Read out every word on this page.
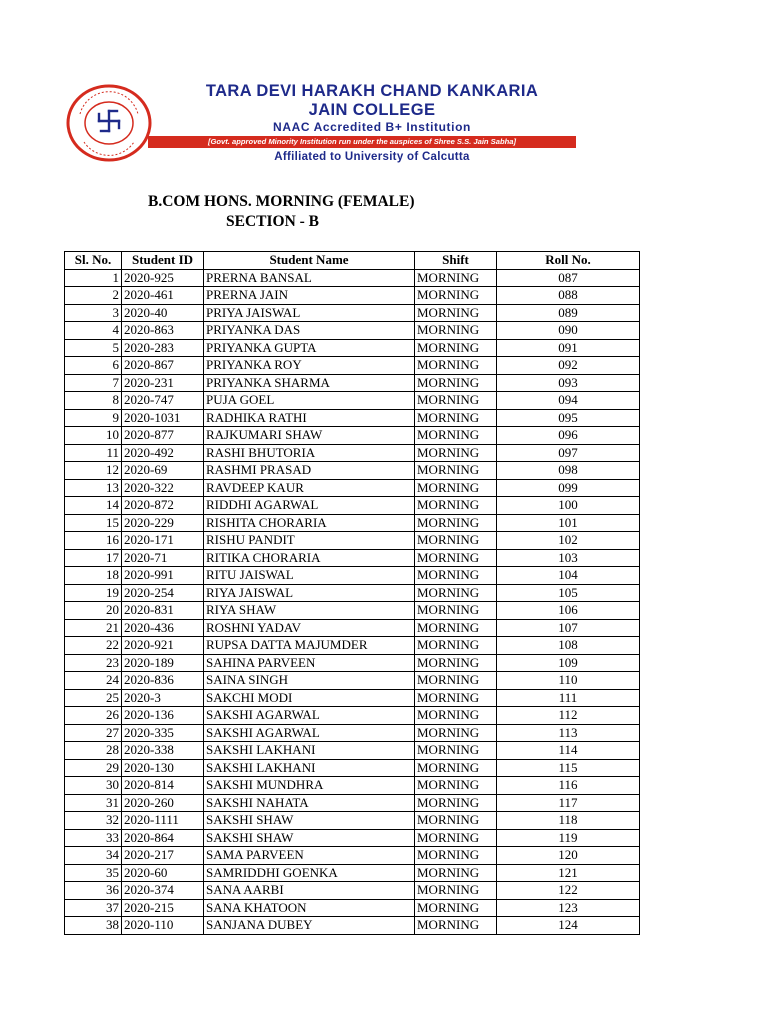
TARA DEVI HARAKH CHAND KANKARIA
JAIN COLLEGE
NAAC Accredited B+ Institution
[Govt. approved Minority Institution run under the auspices of Shree S.S. Jain Sabha]
Affiliated to University of Calcutta
B.COM HONS. MORNING (FEMALE)
SECTION - B
Sl. No.	Student ID	Student Name	Shift	Roll No.
1	2020-925	PRERNA BANSAL	MORNING	087
2	2020-461	PRERNA JAIN	MORNING	088
3	2020-40	PRIYA JAISWAL	MORNING	089
4	2020-863	PRIYANKA DAS	MORNING	090
5	2020-283	PRIYANKA GUPTA	MORNING	091
6	2020-867	PRIYANKA ROY	MORNING	092
7	2020-231	PRIYANKA SHARMA	MORNING	093
8	2020-747	PUJA GOEL	MORNING	094
9	2020-1031	RADHIKA RATHI	MORNING	095
10	2020-877	RAJKUMARI SHAW	MORNING	096
11	2020-492	RASHI BHUTORIA	MORNING	097
12	2020-69	RASHMI PRASAD	MORNING	098
13	2020-322	RAVDEEP KAUR	MORNING	099
14	2020-872	RIDDHI AGARWAL	MORNING	100
15	2020-229	RISHITA CHORARIA	MORNING	101
16	2020-171	RISHU PANDIT	MORNING	102
17	2020-71	RITIKA CHORARIA	MORNING	103
18	2020-991	RITU JAISWAL	MORNING	104
19	2020-254	RIYA JAISWAL	MORNING	105
20	2020-831	RIYA SHAW	MORNING	106
21	2020-436	ROSHNI YADAV	MORNING	107
22	2020-921	RUPSA DATTA MAJUMDER	MORNING	108
23	2020-189	SAHINA PARVEEN	MORNING	109
24	2020-836	SAINA SINGH	MORNING	110
25	2020-3	SAKCHI MODI	MORNING	111
26	2020-136	SAKSHI AGARWAL	MORNING	112
27	2020-335	SAKSHI AGARWAL	MORNING	113
28	2020-338	SAKSHI LAKHANI	MORNING	114
29	2020-130	SAKSHI LAKHANI	MORNING	115
30	2020-814	SAKSHI MUNDHRA	MORNING	116
31	2020-260	SAKSHI NAHATA	MORNING	117
32	2020-1111	SAKSHI SHAW	MORNING	118
33	2020-864	SAKSHI SHAW	MORNING	119
34	2020-217	SAMA PARVEEN	MORNING	120
35	2020-60	SAMRIDDHI GOENKA	MORNING	121
36	2020-374	SANA AARBI	MORNING	122
37	2020-215	SANA KHATOON	MORNING	123
38	2020-110	SANJANA DUBEY	MORNING	124
